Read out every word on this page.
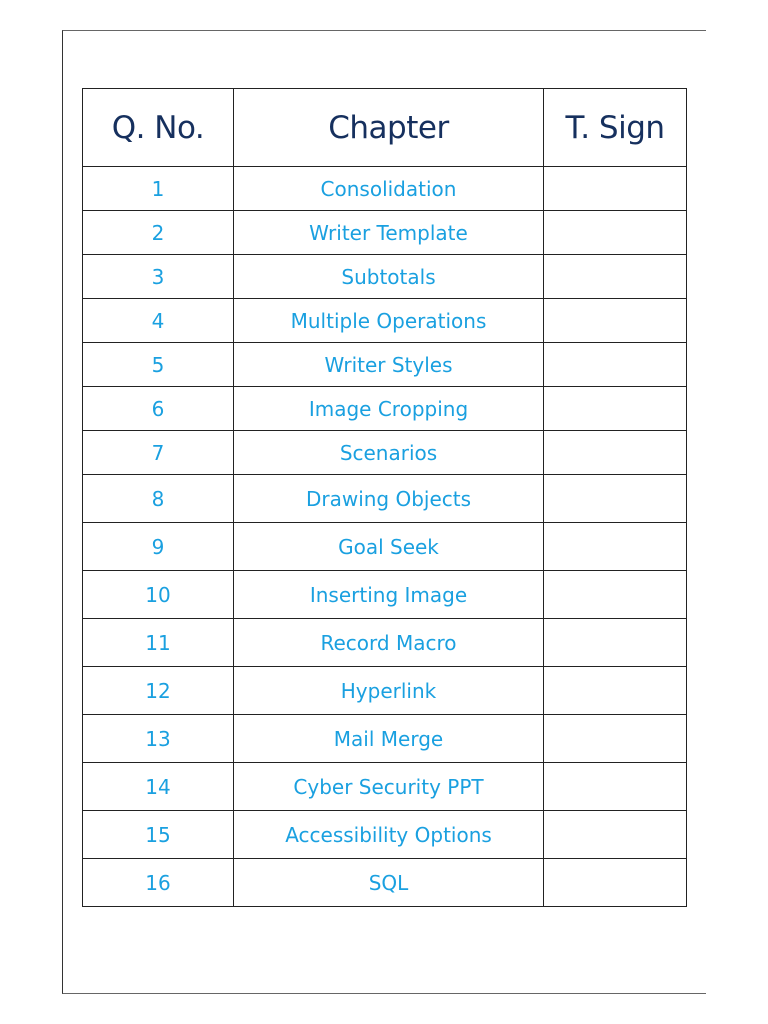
Q. No.	Chapter	T. Sign
1	Consolidation	
2	Writer Template	
3	Subtotals	
4	Multiple Operations	
5	Writer Styles	
6	Image Cropping	
7	Scenarios	
8	Drawing Objects	
9	Goal Seek	
10	Inserting Image	
11	Record Macro	
12	Hyperlink	
13	Mail Merge	
14	Cyber Security PPT	
15	Accessibility Options	
16	SQL	
